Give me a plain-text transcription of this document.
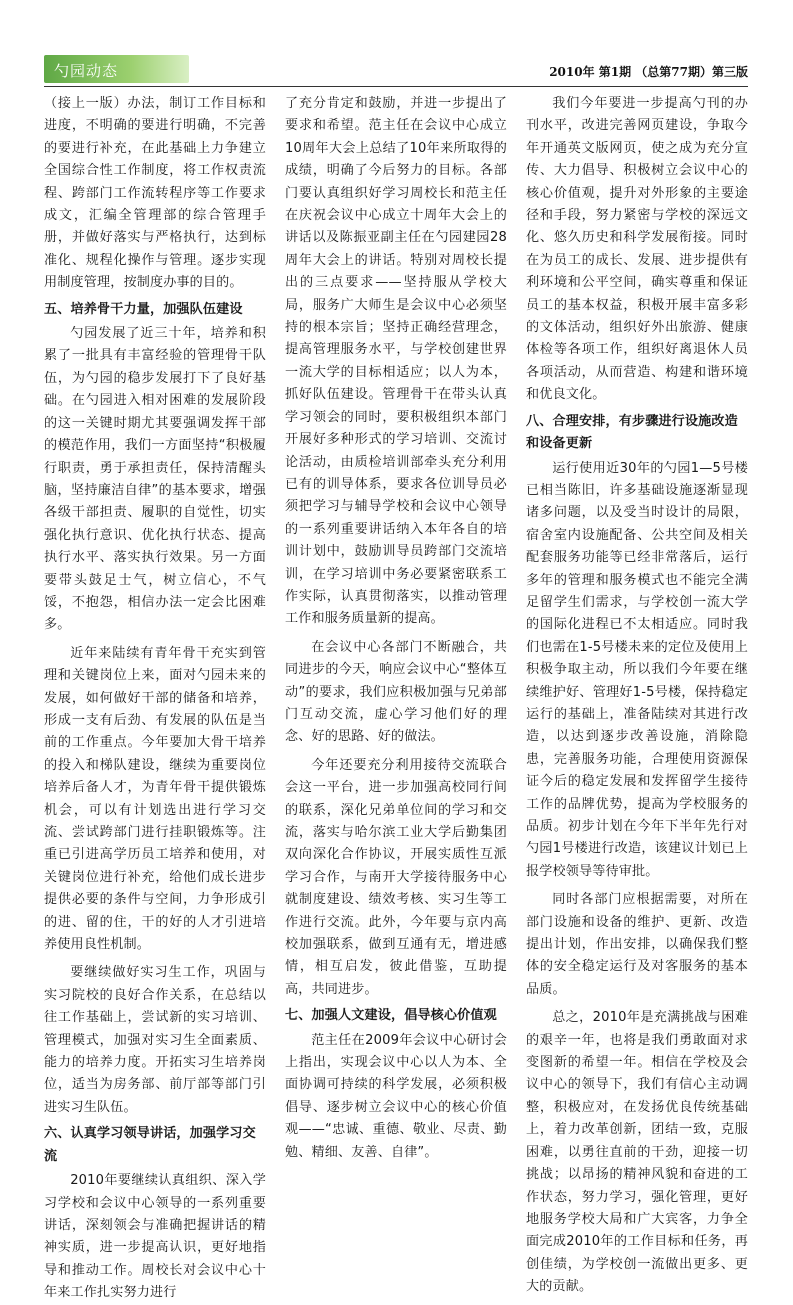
勺园动态	2010年 第1期 （总第77期）第三版

（接上一版）办法，制订工作目标和进度，不明确的要进行明确，不完善的要进行补充，在此基础上力争建立全国综合性工作制度，将工作权责流程、跨部门工作流转程序等工作要求成文，汇编全管理部的综合管理手册，并做好落实与严格执行，达到标准化、规程化操作与管理。逐步实现用制度管理，按制度办事的目的。

五、培养骨干力量，加强队伍建设

勺园发展了近三十年，培养和积累了一批具有丰富经验的管理骨干队伍，为勺园的稳步发展打下了良好基础。在勺园进入相对困难的发展阶段的这一关键时期尤其要强调发挥干部的模范作用，我们一方面坚持“积极履行职责，勇于承担责任，保持清醒头脑，坚持廉洁自律”的基本要求，增强各级干部担责、履职的自觉性，切实强化执行意识、优化执行状态、提高执行水平、落实执行效果。另一方面要带头鼓足士气，树立信心，不气馁，不抱怨，相信办法一定会比困难多。

近年来陆续有青年骨干充实到管理和关键岗位上来，面对勺园未来的发展，如何做好干部的储备和培养，形成一支有后劲、有发展的队伍是当前的工作重点。今年要加大骨干培养的投入和梯队建设，继续为重要岗位培养后备人才，为青年骨干提供锻炼机会，可以有计划选出进行学习交流、尝试跨部门进行挂职锻炼等。注重已引进高学历员工培养和使用，对关键岗位进行补充，给他们成长进步提供必要的条件与空间，力争形成引的进、留的住，干的好的人才引进培养使用良性机制。

要继续做好实习生工作，巩固与实习院校的良好合作关系，在总结以往工作基础上，尝试新的实习培训、管理模式，加强对实习生全面素质、能力的培养力度。开拓实习生培养岗位，适当为房务部、前厅部等部门引进实习生队伍。

六、认真学习领导讲话，加强学习交流

2010年要继续认真组织、深入学习学校和会议中心领导的一系列重要讲话，深刻领会与准确把握讲话的精神实质，进一步提高认识，更好地指导和推动工作。周校长对会议中心十年来工作扎实努力进行

了充分肯定和鼓励，并进一步提出了要求和希望。范主任在会议中心成立10周年大会上总结了10年来所取得的成绩，明确了今后努力的目标。各部门要认真组织好学习周校长和范主任在庆祝会议中心成立十周年大会上的讲话以及陈振亚副主任在勺园建园28周年大会上的讲话。特别对周校长提出的三点要求——坚持服从学校大局，服务广大师生是会议中心必须坚持的根本宗旨；坚持正确经营理念，提高管理服务水平，与学校创建世界一流大学的目标相适应；以人为本，抓好队伍建设。管理骨干在带头认真学习领会的同时，要积极组织本部门开展好多种形式的学习培训、交流讨论活动，由质检培训部牵头充分利用已有的训导体系，要求各位训导员必须把学习与辅导学校和会议中心领导的一系列重要讲话纳入本年各自的培训计划中，鼓励训导员跨部门交流培训，在学习培训中务必要紧密联系工作实际，认真贯彻落实，以推动管理工作和服务质量新的提高。

在会议中心各部门不断融合，共同进步的今天，响应会议中心“整体互动”的要求，我们应积极加强与兄弟部门互动交流，虚心学习他们好的理念、好的思路、好的做法。

今年还要充分利用接待交流联合会这一平台，进一步加强高校同行间的联系，深化兄弟单位间的学习和交流，落实与哈尔滨工业大学后勤集团双向深化合作协议，开展实质性互派学习合作，与南开大学接待服务中心就制度建设、绩效考核、实习生等工作进行交流。此外，今年要与京内高校加强联系，做到互通有无，增进感情，相互启发，彼此借鉴，互助提高，共同进步。

七、加强人文建设，倡导核心价值观

范主任在2009年会议中心研讨会上指出，实现会议中心以人为本、全面协调可持续的科学发展，必须积极倡导、逐步树立会议中心的核心价值观——“忠诚、重德、敬业、尽责、勤勉、精细、友善、自律”。

我们今年要进一步提高勺刊的办刊水平，改进完善网页建设，争取今年开通英文版网页，使之成为充分宣传、大力倡导、积极树立会议中心的核心价值观，提升对外形象的主要途径和手段，努力紧密与学校的深远文化、悠久历史和科学发展衔接。同时在为员工的成长、发展、进步提供有利环境和公平空间，确实尊重和保证员工的基本权益，积极开展丰富多彩的文体活动，组织好外出旅游、健康体检等各项工作，组织好离退休人员各项活动，从而营造、构建和谐环境和优良文化。

八、合理安排，有步骤进行设施改造和设备更新

运行使用近30年的勺园1—5号楼已相当陈旧，许多基础设施逐渐显现诸多问题，以及受当时设计的局限，宿舍室内设施配备、公共空间及相关配套服务功能等已经非常落后，运行多年的管理和服务模式也不能完全满足留学生们需求，与学校创一流大学的国际化进程已不太相适应。同时我们也需在1-5号楼未来的定位及使用上积极争取主动，所以我们今年要在继续维护好、管理好1-5号楼，保持稳定运行的基础上，准备陆续对其进行改造，以达到逐步改善设施，消除隐患，完善服务功能，合理使用资源保证今后的稳定发展和发挥留学生接待工作的品牌优势，提高为学校服务的品质。初步计划在今年下半年先行对勺园1号楼进行改造，该建议计划已上报学校领导等待审批。

同时各部门应根据需要，对所在部门设施和设备的维护、更新、改造提出计划，作出安排，以确保我们整体的安全稳定运行及对客服务的基本品质。

总之，2010年是充满挑战与困难的艰辛一年，也将是我们勇敢面对求变图新的希望一年。相信在学校及会议中心的领导下，我们有信心主动调整，积极应对，在发扬优良传统基础上，着力改革创新，团结一致，克服困难，以勇往直前的干劲，迎接一切挑战；以昂扬的精神风貌和奋进的工作状态，努力学习，强化管理，更好地服务学校大局和广大宾客，力争全面完成2010年的工作目标和任务，再创佳绩，为学校创一流做出更多、更大的贡献。
